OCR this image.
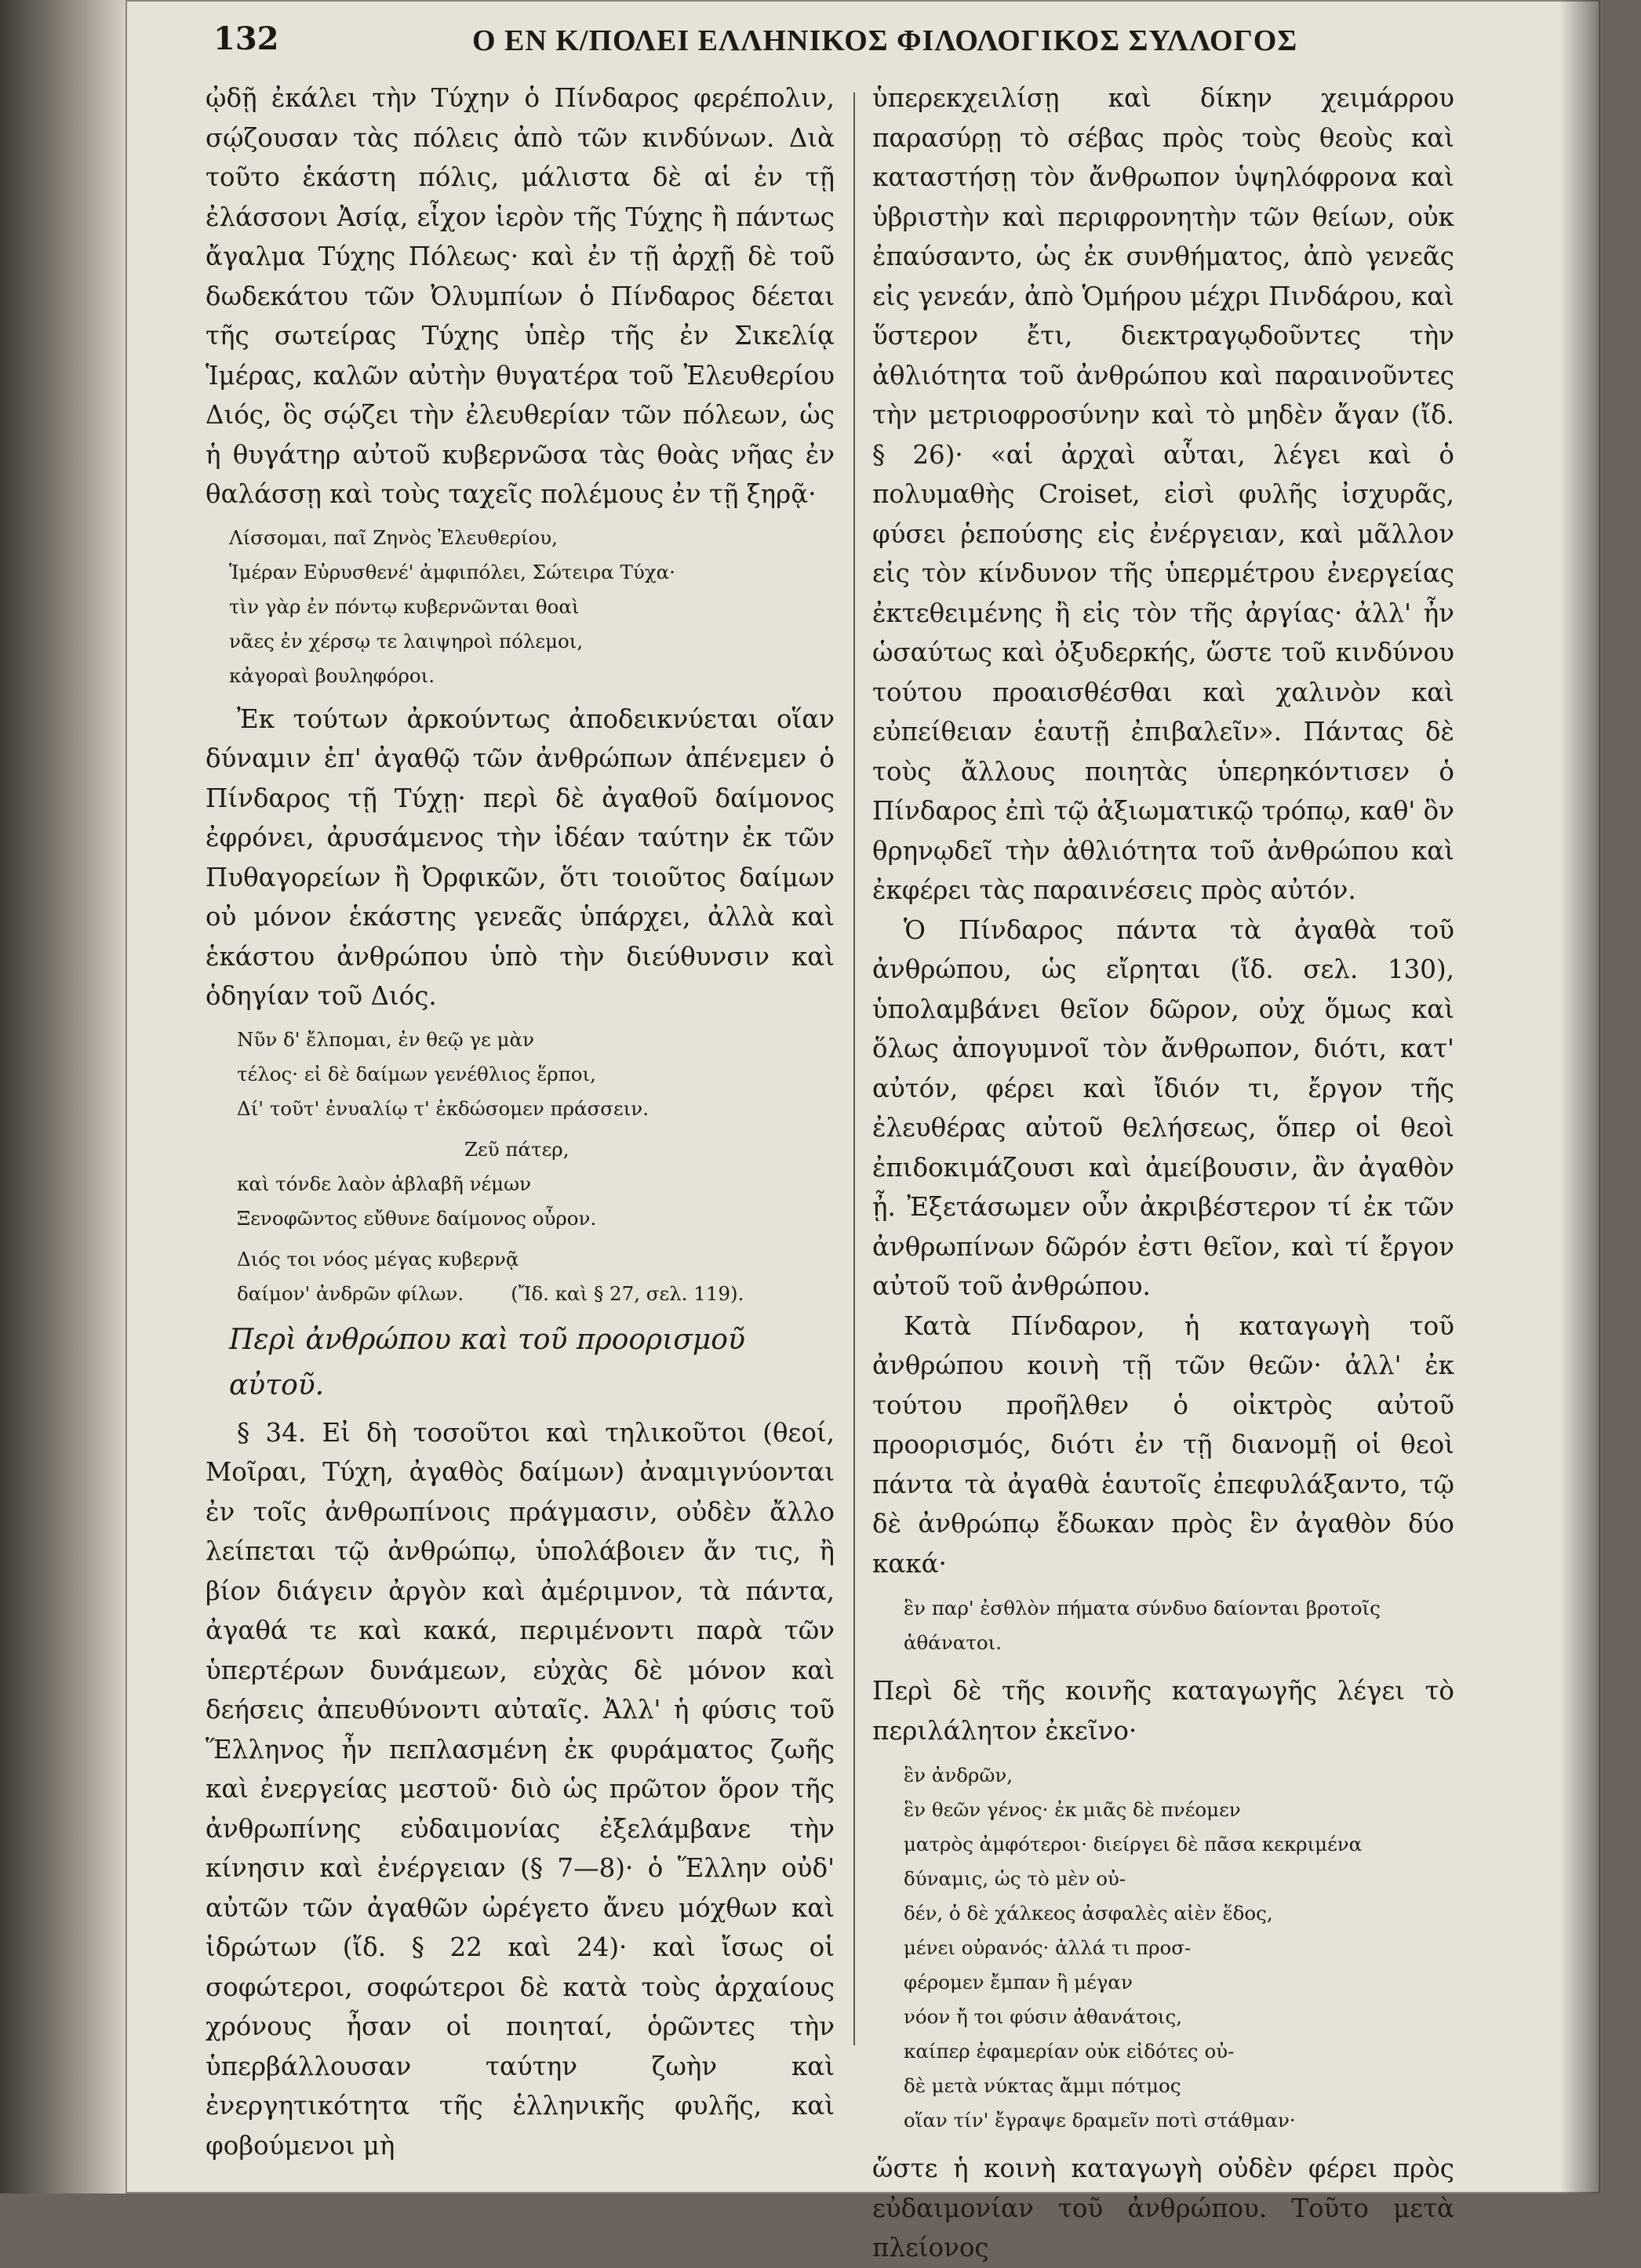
132	Ο ΕΝ Κ/ΠΟΛΕΙ ΕΛΛΗΝΙΚΟΣ ΦΙΛΟΛΟΓΙΚΟΣ ΣΥΛΛΟΓΟΣ

ᾠδῇ ἐκάλει τὴν Τύχην ὁ Πίνδαρος φερέπολιν, σῴζουσαν τὰς πόλεις ἀπὸ τῶν κινδύνων. Διὰ τοῦτο ἑκάστη πόλις, μάλιστα δὲ αἱ ἐν τῇ ἐλάσσονι Ἀσίᾳ, εἶχον ἱερὸν τῆς Τύχης ἢ πάντως ἄγαλμα Τύχης Πόλεως· καὶ ἐν τῇ ἀρχῇ δὲ τοῦ δωδεκάτου τῶν Ὀλυμπίων ὁ Πίνδαρος δέεται τῆς σωτείρας Τύχης ὑπὲρ τῆς ἐν Σικελίᾳ Ἱμέρας, καλῶν αὐτὴν θυγατέρα τοῦ Ἐλευθερίου Διός, ὃς σῴζει τὴν ἐλευθερίαν τῶν πόλεων, ὡς ἡ θυγάτηρ αὐτοῦ κυβερνῶσα τὰς θοὰς νῆας ἐν θαλάσσῃ καὶ τοὺς ταχεῖς πολέμους ἐν τῇ ξηρᾷ·

Λίσσομαι, παῖ Ζηνὸς Ἐλευθερίου,
Ἱμέραν Εὐρυσθενέ' ἀμφιπόλει, Σώτειρα Τύχα·
τὶν γὰρ ἐν πόντῳ κυβερνῶνται θοαὶ
νᾶες ἐν χέρσῳ τε λαιψηροὶ πόλεμοι,
κἀγοραὶ βουληφόροι.

Ἐκ τούτων ἀρκούντως ἀποδεικνύεται οἵαν δύναμιν ἐπ' ἀγαθῷ τῶν ἀνθρώπων ἀπένεμεν ὁ Πίνδαρος τῇ Τύχῃ· περὶ δὲ ἀγαθοῦ δαίμονος ἐφρόνει, ἀρυσάμενος τὴν ἰδέαν ταύτην ἐκ τῶν Πυθαγορείων ἢ Ὀρφικῶν, ὅτι τοιοῦτος δαίμων οὐ μόνον ἑκάστης γενεᾶς ὑπάρχει, ἀλλὰ καὶ ἑκάστου ἀνθρώπου ὑπὸ τὴν διεύθυνσιν καὶ ὁδηγίαν τοῦ Διός.

Νῦν δ' ἔλπομαι, ἐν θεῷ γε μὰν
τέλος· εἰ δὲ δαίμων γενέθλιος ἕρποι,
Δί' τοῦτ' ἐνυαλίῳ τ' ἐκδώσομεν πράσσειν.
Ζεῦ πάτερ,
καὶ τόνδε λαὸν ἀβλαβῆ νέμων
Ξενοφῶντος εὔθυνε δαίμονος οὖρον.
Διός τοι νόος μέγας κυβερνᾷ
δαίμον' ἀνδρῶν φίλων. (Ἴδ. καὶ § 27, σελ. 119).
Περὶ ἀνθρώπου καὶ τοῦ προορισμοῦ αὐτοῦ.

§ 34. Εἰ δὴ τοσοῦτοι καὶ τηλικοῦτοι (θεοί, Μοῖραι, Τύχη, ἀγαθὸς δαίμων) ἀναμιγνύονται ἐν τοῖς ἀνθρωπίνοις πράγμασιν, οὐδὲν ἄλλο λείπεται τῷ ἀνθρώπῳ, ὑπολάβοιεν ἄν τις, ἢ βίον διάγειν ἀργὸν καὶ ἀμέριμνον, τὰ πάντα, ἀγαθά τε καὶ κακά, περιμένοντι παρὰ τῶν ὑπερτέρων δυνάμεων, εὐχὰς δὲ μόνον καὶ δεήσεις ἀπευθύνοντι αὐταῖς. Ἀλλ' ἡ φύσις τοῦ Ἕλληνος ἦν πεπλασμένη ἐκ φυράματος ζωῆς καὶ ἐνεργείας μεστοῦ· διὸ ὡς πρῶτον ὅρον τῆς ἀνθρωπίνης εὐδαιμονίας ἐξελάμβανε τὴν κίνησιν καὶ ἐνέργειαν (§ 7—8)· ὁ Ἕλλην οὐδ' αὐτῶν τῶν ἀγαθῶν ὠρέγετο ἄνευ μόχθων καὶ ἱδρώτων (ἴδ. § 22 καὶ 24)· καὶ ἴσως οἱ σοφώτεροι, σοφώτεροι δὲ κατὰ τοὺς ἀρχαίους χρόνους ἦσαν οἱ ποιηταί, ὁρῶντες τὴν ὑπερβάλλουσαν ταύτην ζωὴν καὶ ἐνεργητικότητα τῆς ἑλληνικῆς φυλῆς, καὶ φοβούμενοι μὴ

ὑπερεκχειλίσῃ καὶ δίκην χειμάρρου παρασύρῃ τὸ σέβας πρὸς τοὺς θεοὺς καὶ καταστήσῃ τὸν ἄνθρωπον ὑψηλόφρονα καὶ ὑβριστὴν καὶ περιφρονητὴν τῶν θείων, οὐκ ἐπαύσαντο, ὡς ἐκ συνθήματος, ἀπὸ γενεᾶς εἰς γενεάν, ἀπὸ Ὁμήρου μέχρι Πινδάρου, καὶ ὕστερον ἔτι, διεκτραγῳδοῦντες τὴν ἀθλιότητα τοῦ ἀνθρώπου καὶ παραινοῦντες τὴν μετριοφροσύνην καὶ τὸ μηδὲν ἄγαν (ἴδ. § 26)· «αἱ ἀρχαὶ αὗται, λέγει καὶ ὁ πολυμαθὴς Croiset, εἰσὶ φυλῆς ἰσχυρᾶς, φύσει ῥεπούσης εἰς ἐνέργειαν, καὶ μᾶλλον εἰς τὸν κίνδυνον τῆς ὑπερμέτρου ἐνεργείας ἐκτεθειμένης ἢ εἰς τὸν τῆς ἀργίας· ἀλλ' ἦν ὡσαύτως καὶ ὀξυδερκής, ὥστε τοῦ κινδύνου τούτου προαισθέσθαι καὶ χαλινὸν καὶ εὐπείθειαν ἑαυτῇ ἐπιβαλεῖν». Πάντας δὲ τοὺς ἄλλους ποιητὰς ὑπερηκόντισεν ὁ Πίνδαρος ἐπὶ τῷ ἀξιωματικῷ τρόπῳ, καθ' ὃν θρηνῳδεῖ τὴν ἀθλιότητα τοῦ ἀνθρώπου καὶ ἐκφέρει τὰς παραινέσεις πρὸς αὐτόν.

Ὁ Πίνδαρος πάντα τὰ ἀγαθὰ τοῦ ἀνθρώπου, ὡς εἴρηται (ἴδ. σελ. 130), ὑπολαμβάνει θεῖον δῶρον, οὐχ ὅμως καὶ ὅλως ἀπογυμνοῖ τὸν ἄνθρωπον, διότι, κατ' αὐτόν, φέρει καὶ ἴδιόν τι, ἔργον τῆς ἐλευθέρας αὐτοῦ θελήσεως, ὅπερ οἱ θεοὶ ἐπιδοκιμάζουσι καὶ ἀμείβουσιν, ἂν ἀγαθὸν ᾖ. Ἐξετάσωμεν οὖν ἀκριβέστερον τί ἐκ τῶν ἀνθρωπίνων δῶρόν ἐστι θεῖον, καὶ τί ἔργον αὐτοῦ τοῦ ἀνθρώπου.

Κατὰ Πίνδαρον, ἡ καταγωγὴ τοῦ ἀνθρώπου κοινὴ τῇ τῶν θεῶν· ἀλλ' ἐκ τούτου προῆλθεν ὁ οἰκτρὸς αὐτοῦ προορισμός, διότι ἐν τῇ διανομῇ οἱ θεοὶ πάντα τὰ ἀγαθὰ ἑαυτοῖς ἐπεφυλάξαντο, τῷ δὲ ἀνθρώπῳ ἔδωκαν πρὸς ἓν ἀγαθὸν δύο κακά·

ἓν παρ' ἐσθλὸν πήματα σύνδυο δαίονται βροτοῖς
ἀθάνατοι.

Περὶ δὲ τῆς κοινῆς καταγωγῆς λέγει τὸ περιλάλητον ἐκεῖνο·

ἓν ἀνδρῶν,
ἓν θεῶν γένος· ἐκ μιᾶς δὲ πνέομεν
ματρὸς ἀμφότεροι· διείργει δὲ πᾶσα κεκριμένα
δύναμις, ὡς τὸ μὲν οὐ-
δέν, ὁ δὲ χάλκεος ἀσφαλὲς αἰὲν ἕδος,
μένει οὐρανός· ἀλλά τι προσ-
φέρομεν ἔμπαν ἢ μέγαν
νόον ἤ τοι φύσιν ἀθανάτοις,
καίπερ ἐφαμερίαν οὐκ εἰδότες οὐ-
δὲ μετὰ νύκτας ἄμμι πότμος
οἵαν τίν' ἔγραψε δραμεῖν ποτὶ στάθμαν·

ὥστε ἡ κοινὴ καταγωγὴ οὐδὲν φέρει πρὸς εὐδαιμονίαν τοῦ ἀνθρώπου. Τοῦτο μετὰ πλείονος
